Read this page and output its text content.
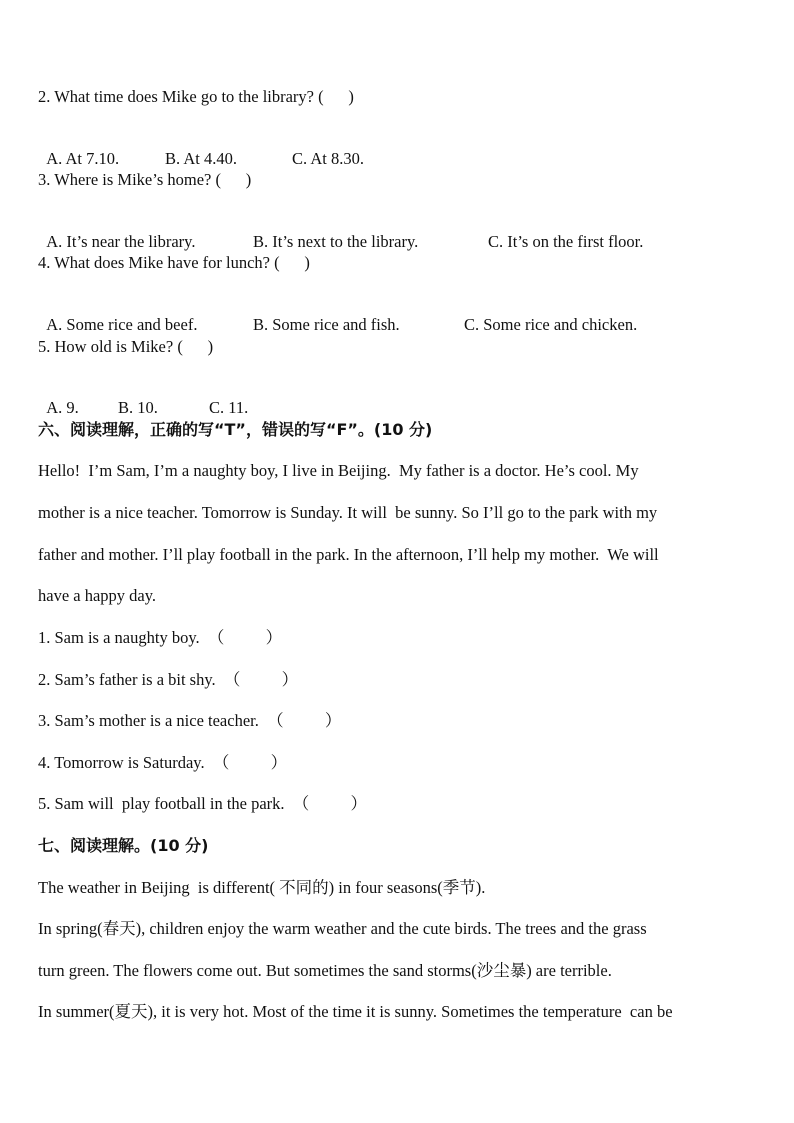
2. What time does Mike go to the library? (      )

A. At 7.10.	B. At 4.40.	C. At 8.30.

3. Where is Mike’s home? (      )

A. It’s near the library.	B. It’s next to the library.	C. It’s on the first floor.

4. What does Mike have for lunch? (      )

A. Some rice and beef.	B. Some rice and fish.	C. Some rice and chicken.

5. How old is Mike? (      )

A. 9. B. 10.	C. 11.

六、阅读理解，正确的写“T”，错误的写“F”。(10 分)
Hello!  I’m Sam, I’m a naughty boy, I live in Beijing.  My father is a doctor. He’s cool. My
mother is a nice teacher. Tomorrow is Sunday. It will  be sunny. So I’ll go to the park with my
father and mother. I’ll play football in the park. In the afternoon, I’ll help my mother.  We will
have a happy day.
1. Sam is a naughty boy.  （          ）
2. Sam’s father is a bit shy.  （          ）
3. Sam’s mother is a nice teacher.  （          ）
4. Tomorrow is Saturday.  （          ）
5. Sam will  play football in the park.  （          ）
七、阅读理解。(10 分)
The weather in Beijing  is different( 不同的) in four seasons(季节).
In spring(春天), children enjoy the warm weather and the cute birds. The trees and the grass
turn green. The flowers come out. But sometimes the sand storms(沙尘暴) are terrible.
In summer(夏天), it is very hot. Most of the time it is sunny. Sometimes the temperature  can be
